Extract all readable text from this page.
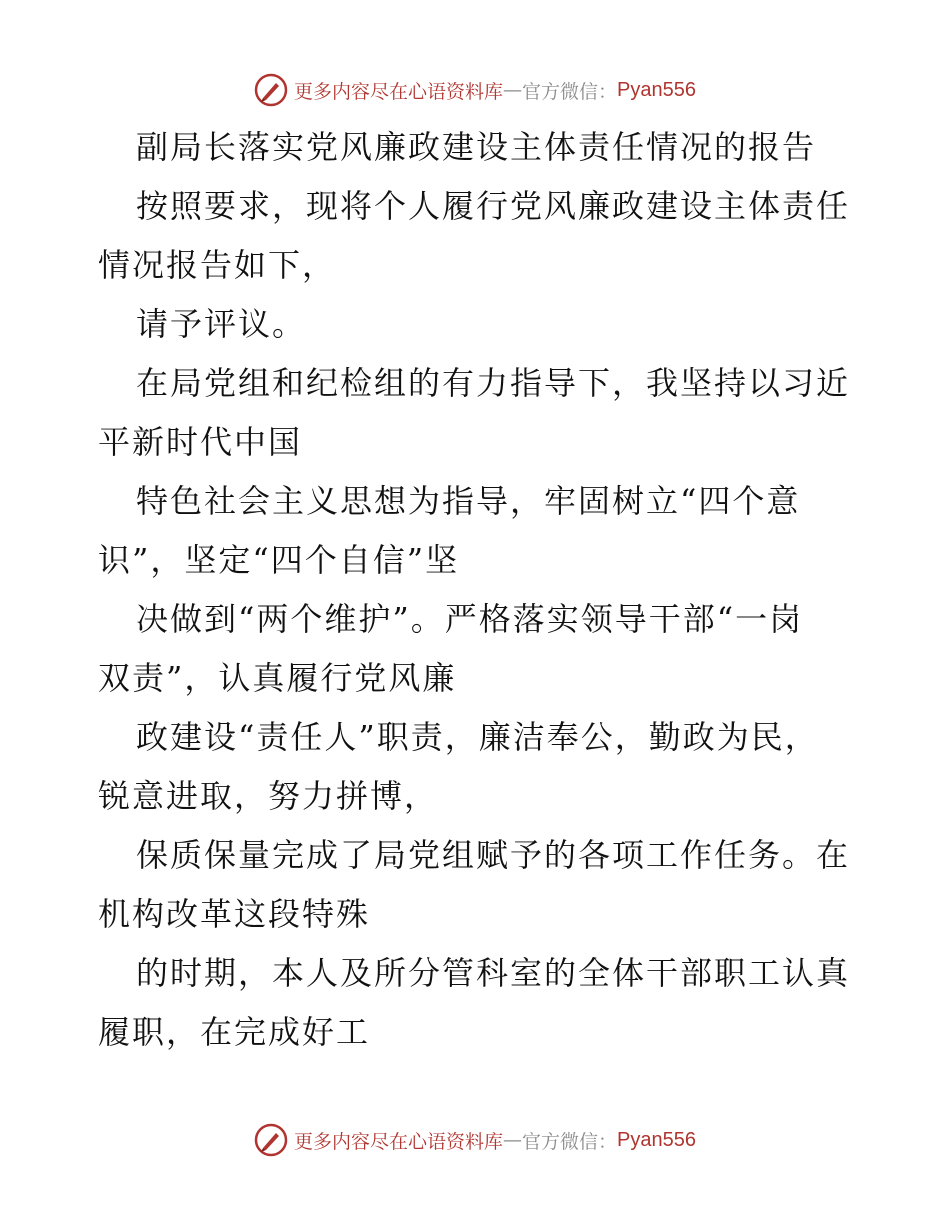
更多内容尽在心语资料库 — 官方微信： Pyan556
副局长落实党风廉政建设主体责任情况的报告
按照要求，现将个人履行党风廉政建设主体责任
情况报告如下，
请予评议。
在局党组和纪检组的有力指导下，我坚持以习近
平新时代中国
特色社会主义思想为指导，牢固树立“四个意
识”，坚定“四个自信”坚
决做到“两个维护”。严格落实领导干部“一岗
双责”，认真履行党风廉
政建设“责任人”职责，廉洁奉公，勤政为民，
锐意进取，努力拼博，
保质保量完成了局党组赋予的各项工作任务。在
机构改革这段特殊
的时期，本人及所分管科室的全体干部职工认真
履职，在完成好工
更多内容尽在心语资料库 — 官方微信： Pyan556
